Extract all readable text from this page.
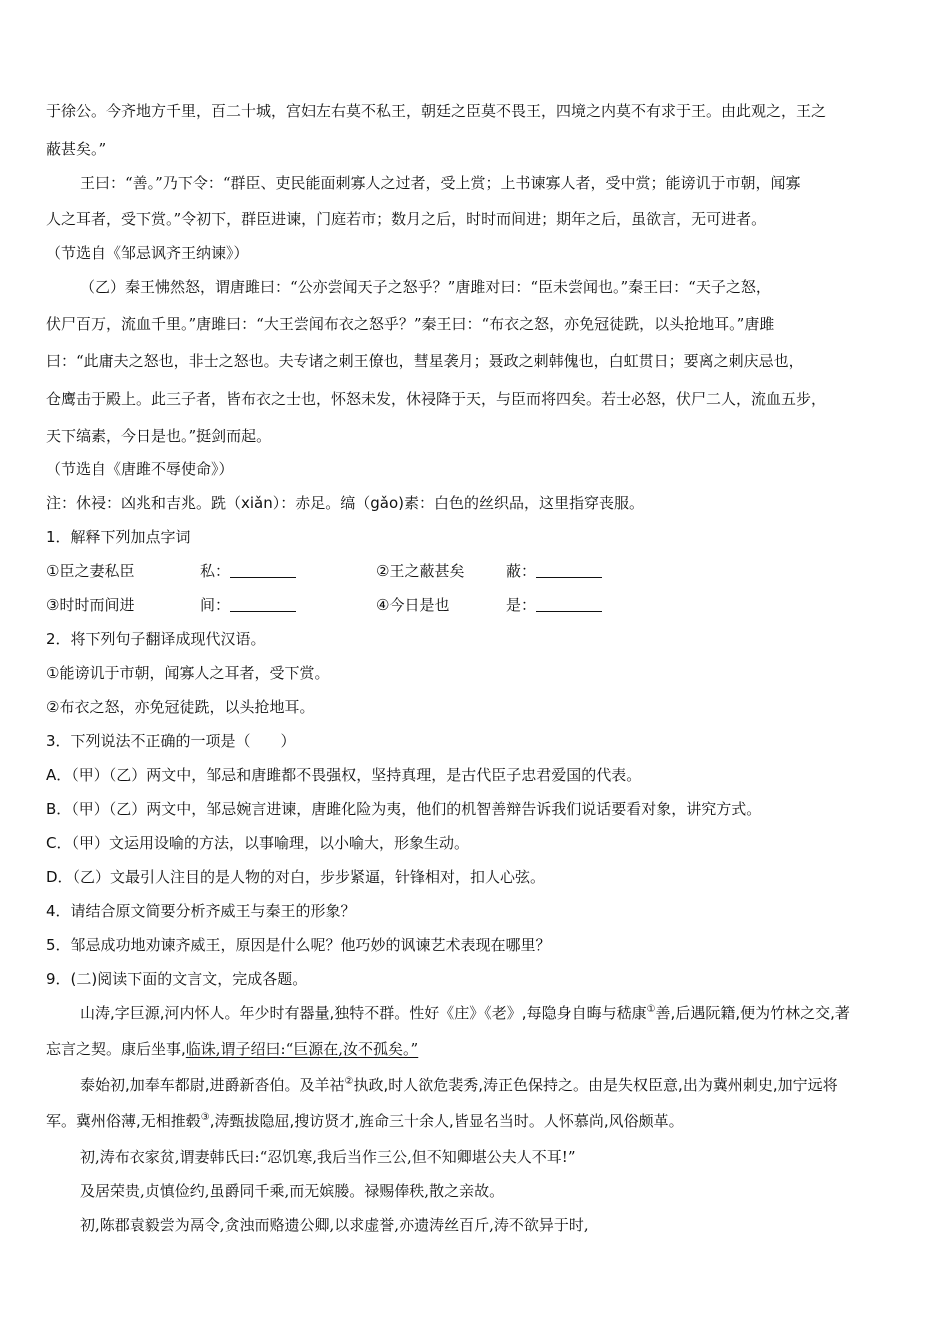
于徐公。今齐地方千里，百二十城，宫妇左右莫不私王，朝廷之臣莫不畏王，四境之内莫不有求于王。由此观之，王之
蔽甚矣。”
王曰：“善。”乃下令：“群臣、吏民能面刺寡人之过者，受上赏；上书谏寡人者，受中赏；能谤讥于市朝，闻寡
人之耳者，受下赏。”令初下，群臣进谏，门庭若市；数月之后，时时而间进；期年之后，虽欲言，无可进者。
（节选自《邹忌讽齐王纳谏》）
（乙）秦王怫然怒，谓唐雎曰：“公亦尝闻天子之怒乎？”唐雎对曰：“臣未尝闻也。”秦王曰：“天子之怒，
伏尸百万，流血千里。”唐雎曰：“大王尝闻布衣之怒乎？”秦王曰：“布衣之怒，亦免冠徒跣，以头抢地耳。”唐雎
曰：“此庸夫之怒也，非士之怒也。夫专诸之刺王僚也，彗星袭月；聂政之刺韩傀也，白虹贯日；要离之刺庆忌也，
仓鹰击于殿上。此三子者，皆布衣之士也，怀怒未发，休祲降于天，与臣而将四矣。若士必怒，伏尸二人，流血五步，
天下缟素，今日是也。”挺剑而起。
（节选自《唐雎不辱使命》）
注：休祲：凶兆和吉兆。跣（xiǎn）：赤足。缟（gǎo)素：白色的丝织品，这里指穿丧服。
1．解释下列加点字词
①臣之妻私臣	私：	②王之蔽甚矣	蔽：
③时时而间进	间：	④今日是也	是：
2．将下列句子翻译成现代汉语。
①能谤讥于市朝，闻寡人之耳者，受下赏。
②布衣之怒，亦免冠徒跣，以头抢地耳。
3．下列说法不正确的一项是（　　）
A．（甲）（乙）两文中，邹忌和唐雎都不畏强权，坚持真理，是古代臣子忠君爱国的代表。
B．（甲）（乙）两文中，邹忌婉言进谏，唐雎化险为夷，他们的机智善辩告诉我们说话要看对象，讲究方式。
C．（甲）文运用设喻的方法，以事喻理，以小喻大，形象生动。
D．（乙）文最引人注目的是人物的对白，步步紧逼，针锋相对，扣人心弦。
4．请结合原文简要分析齐威王与秦王的形象？
5．邹忌成功地劝谏齐威王，原因是什么呢？他巧妙的讽谏艺术表现在哪里？
9．(二)阅读下面的文言文，完成各题。
山涛,字巨源,河内怀人。年少时有器量,独特不群。性好《庄》《老》,每隐身自晦与嵇康①善,后遇阮籍,便为竹林之交,著
忘言之契。康后坐事,临诛,谓子绍曰:“巨源在,汝不孤矣。”
泰始初,加奉车都尉,进爵新沓伯。及羊祜②执政,时人欲危裴秀,涛正色保持之。由是失权臣意,出为冀州刺史,加宁远将
军。冀州俗薄,无相推毂③,涛甄拔隐屈,搜访贤才,旌命三十余人,皆显名当时。人怀慕尚,风俗颇革。
初,涛布衣家贫,谓妻韩氏曰:“忍饥寒,我后当作三公,但不知卿堪公夫人不耳!”
及居荣贵,贞慎俭约,虽爵同千乘,而无嫔媵。禄赐俸秩,散之亲故。
初,陈郡袁毅尝为鬲令,贪浊而赂遗公卿,以求虚誉,亦遗涛丝百斤,涛不欲异于时,
